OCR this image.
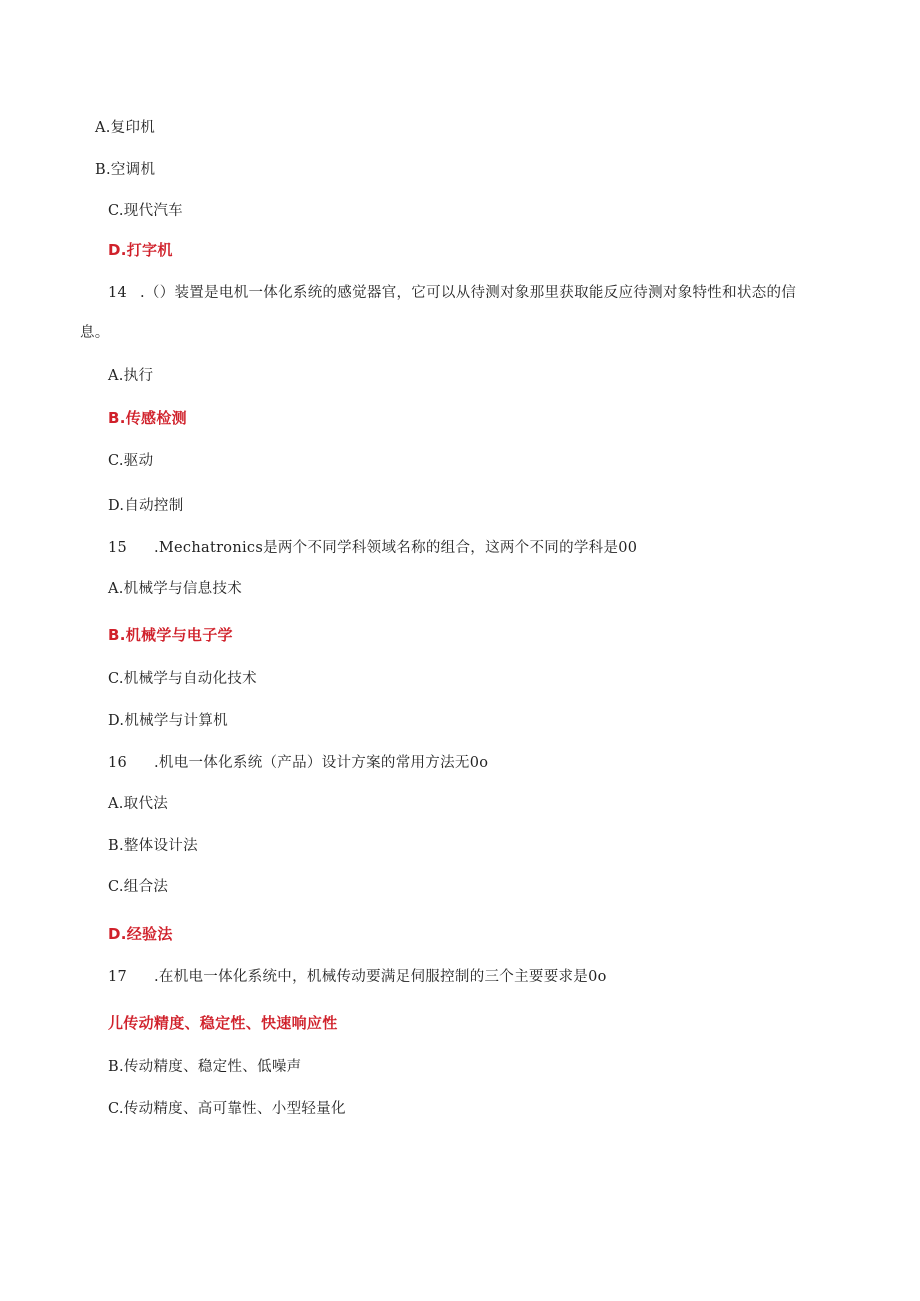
A.复印机
B.空调机
C.现代汽车
D.打字机
14 .（）装置是电机一体化系统的感觉器官，它可以从待测对象那里获取能反应待测对象特性和状态的信
息。
A.执行
B.传感检测
C.驱动
D.自动控制
15 .Mechatronics是两个不同学科领域名称的组合，这两个不同的学科是00
A.机械学与信息技术
B.机械学与电子学
C.机械学与自动化技术
D.机械学与计算机
16 .机电一体化系统（产品）设计方案的常用方法无0o
A.取代法
B.整体设计法
C.组合法
D.经验法
17 .在机电一体化系统中，机械传动要满足伺服控制的三个主要要求是0o
儿传动精度、稳定性、快速响应性
B.传动精度、稳定性、低噪声
C.传动精度、高可靠性、小型轻量化
